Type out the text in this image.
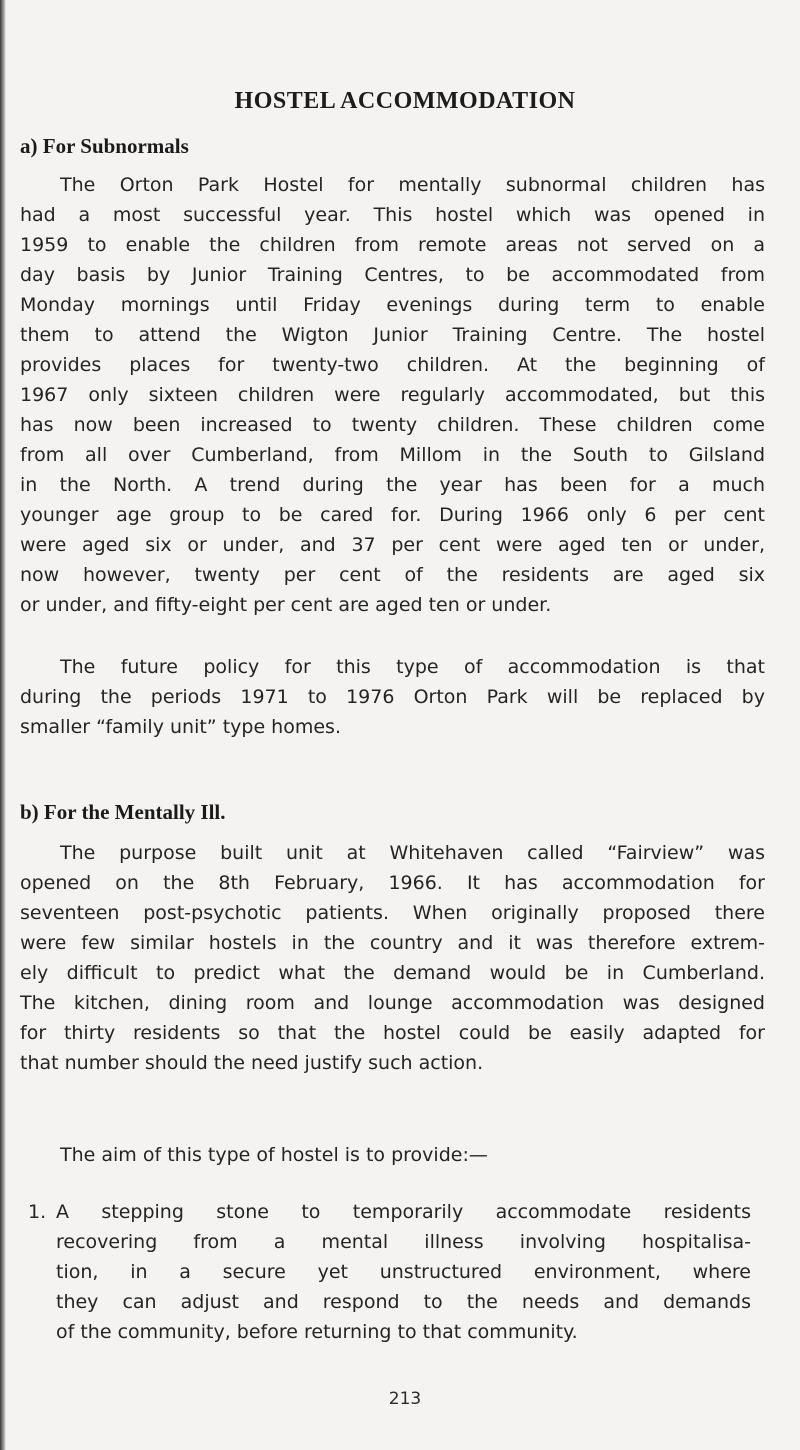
HOSTEL ACCOMMODATION
a) For Subnormals
The Orton Park Hostel for mentally subnormal children has
had a most successful year. This hostel which was opened in
1959 to enable the children from remote areas not served on a
day basis by Junior Training Centres, to be accommodated from
Monday mornings until Friday evenings during term to enable
them to attend the Wigton Junior Training Centre. The hostel
provides places for twenty-two children. At the beginning of
1967 only sixteen children were regularly accommodated, but this
has now been increased to twenty children. These children come
from all over Cumberland, from Millom in the South to Gilsland
in the North. A trend during the year has been for a much
younger age group to be cared for. During 1966 only 6 per cent
were aged six or under, and 37 per cent were aged ten or under,
now however, twenty per cent of the residents are aged six
or under, and fifty-eight per cent are aged ten or under.
The future policy for this type of accommodation is that
during the periods 1971 to 1976 Orton Park will be replaced by
smaller “family unit” type homes.
b) For the Mentally Ill.
The purpose built unit at Whitehaven called “Fairview” was
opened on the 8th February, 1966. It has accommodation for
seventeen post-psychotic patients. When originally proposed there
were few similar hostels in the country and it was therefore extrem-
ely difficult to predict what the demand would be in Cumberland.
The kitchen, dining room and lounge accommodation was designed
for thirty residents so that the hostel could be easily adapted for
that number should the need justify such action.
The aim of this type of hostel is to provide:—
1. A stepping stone to temporarily accommodate residents
recovering from a mental illness involving hospitalisa-
tion, in a secure yet unstructured environment, where
they can adjust and respond to the needs and demands
of the community, before returning to that community.
213
